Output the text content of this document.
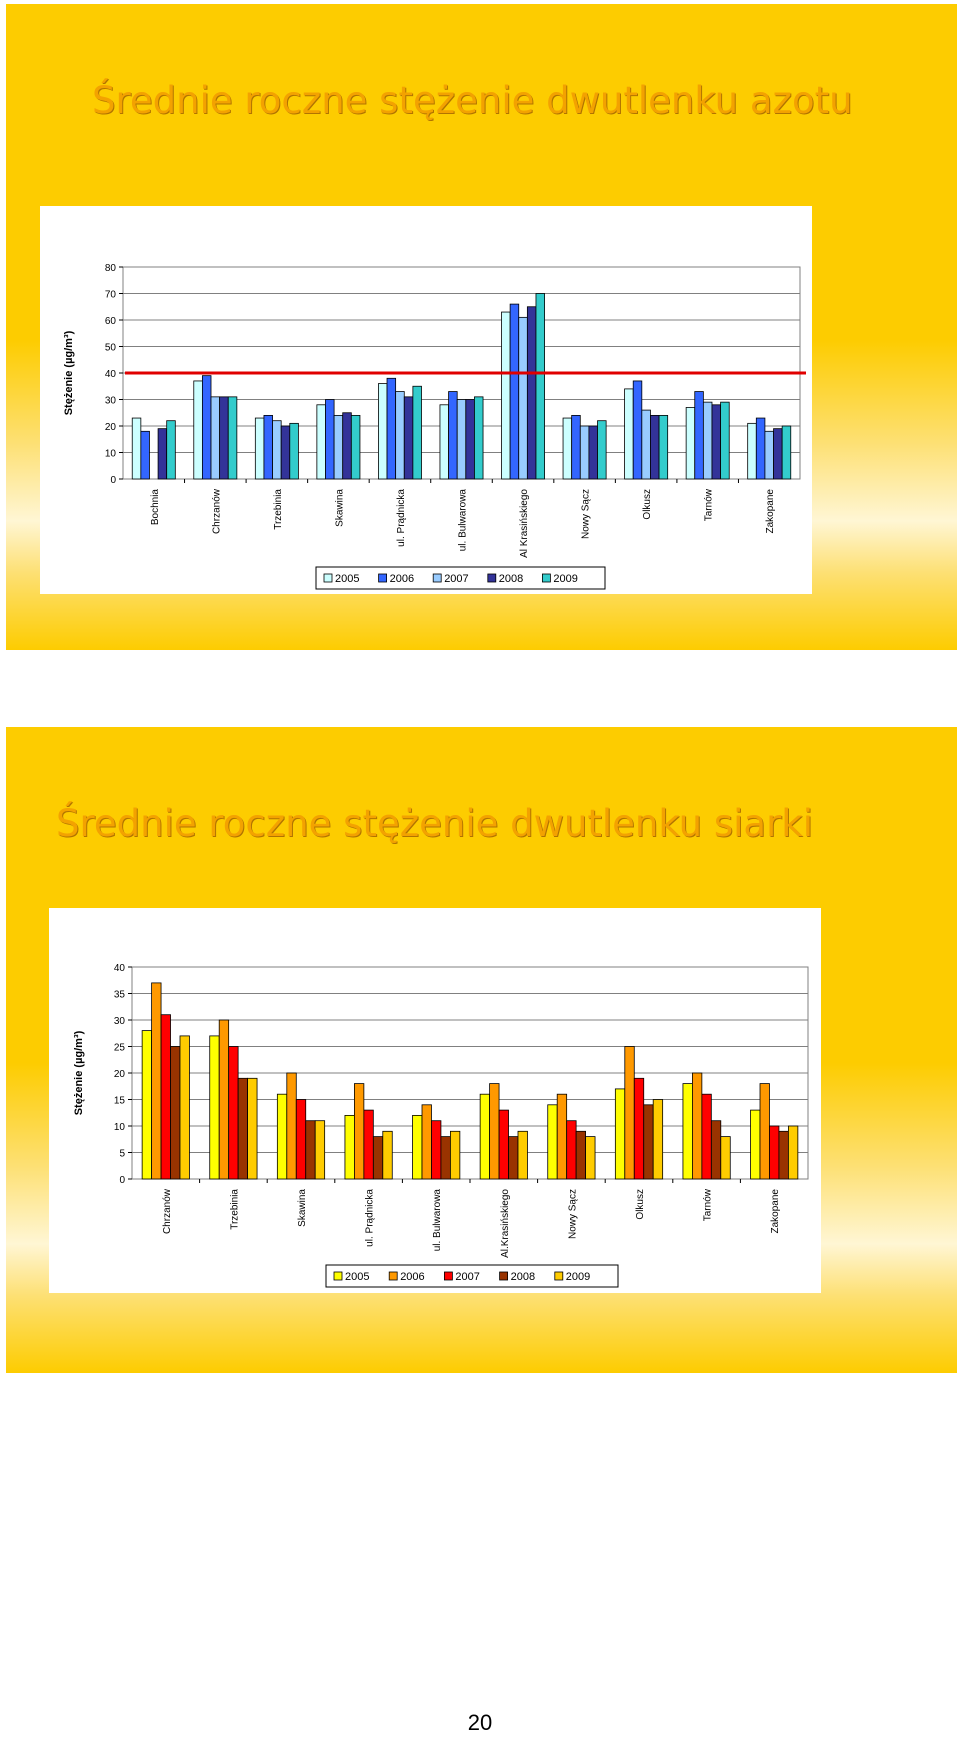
Średnie roczne stężenie dwutlenku azotu
0
10
20
30
40
50
60
70
80
Stężenie (µg/m³)
Bochnia	Chrzanów	Trzebinia	Skawina	ul. Prądnicka	ul. Bulwarowa	Al Krasińskiego	Nowy Sącz	Olkusz	Tarnów	Zakopane
2005	2006	2007	2008	2009
Średnie roczne stężenie dwutlenku siarki
0
5
10
15
20
25
30
35
40
Stężenie (µg/m³)
Chrzanów	Trzebinia	Skawina	ul. Prądnicka	ul. Bulwarowa	Al.Krasińskiego	Nowy Sącz	Olkusz	Tarnów	Zakopane
2005	2006	2007	2008	2009
20
